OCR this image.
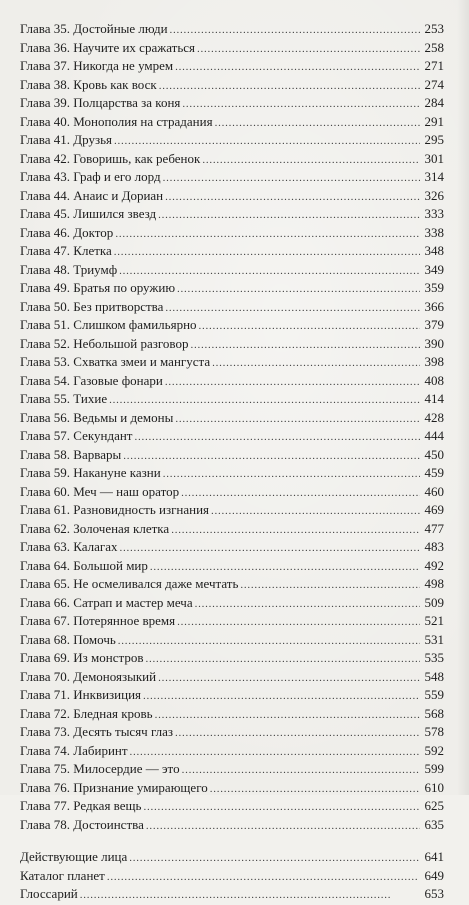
Глава 35. Достойные люди . . .	253
Глава 36. Научите их сражаться . . .	258
Глава 37. Никогда не умрем . . .	271
Глава 38. Кровь как воск . . .	274
Глава 39. Полцарства за коня . . .	284
Глава 40. Монополия на страдания . . .	291
Глава 41. Друзья . . .	295
Глава 42. Говоришь, как ребенок . . .	301
Глава 43. Граф и его лорд . . .	314
Глава 44. Анаис и Дориан . . .	326
Глава 45. Лишился звезд . . .	333
Глава 46. Доктор . . .	338
Глава 47. Клетка . . .	348
Глава 48. Триумф . . .	349
Глава 49. Братья по оружию . . .	359
Глава 50. Без притворства . . .	366
Глава 51. Слишком фамильярно . . .	379
Глава 52. Небольшой разговор . . .	390
Глава 53. Схватка змеи и мангуста . . .	398
Глава 54. Газовые фонари . . .	408
Глава 55. Тихие . . .	414
Глава 56. Ведьмы и демоны . . .	428
Глава 57. Секундант . . .	444
Глава 58. Варвары . . .	450
Глава 59. Накануне казни . . .	459
Глава 60. Меч — наш оратор . . .	460
Глава 61. Разновидность изгнания . . .	469
Глава 62. Золоченая клетка . . .	477
Глава 63. Калагах . . .	483
Глава 64. Большой мир . . .	492
Глава 65. Не осмеливался даже мечтать . . .	498
Глава 66. Сатрап и мастер меча . . .	509
Глава 67. Потерянное время . . .	521
Глава 68. Помочь . . .	531
Глава 69. Из монстров . . .	535
Глава 70. Демоноязыкий . . .	548
Глава 71. Инквизиция . . .	559
Глава 72. Бледная кровь . . .	568
Глава 73. Десять тысяч глаз . . .	578
Глава 74. Лабиринт . . .	592
Глава 75. Милосердие — это . . .	599
Глава 76. Признание умирающего . . .	610
Глава 77. Редкая вещь . . .	625
Глава 78. Достоинства . . .	635
Действующие лица . . .	641
Каталог планет . . .	649
Глоссарий . . .	653
